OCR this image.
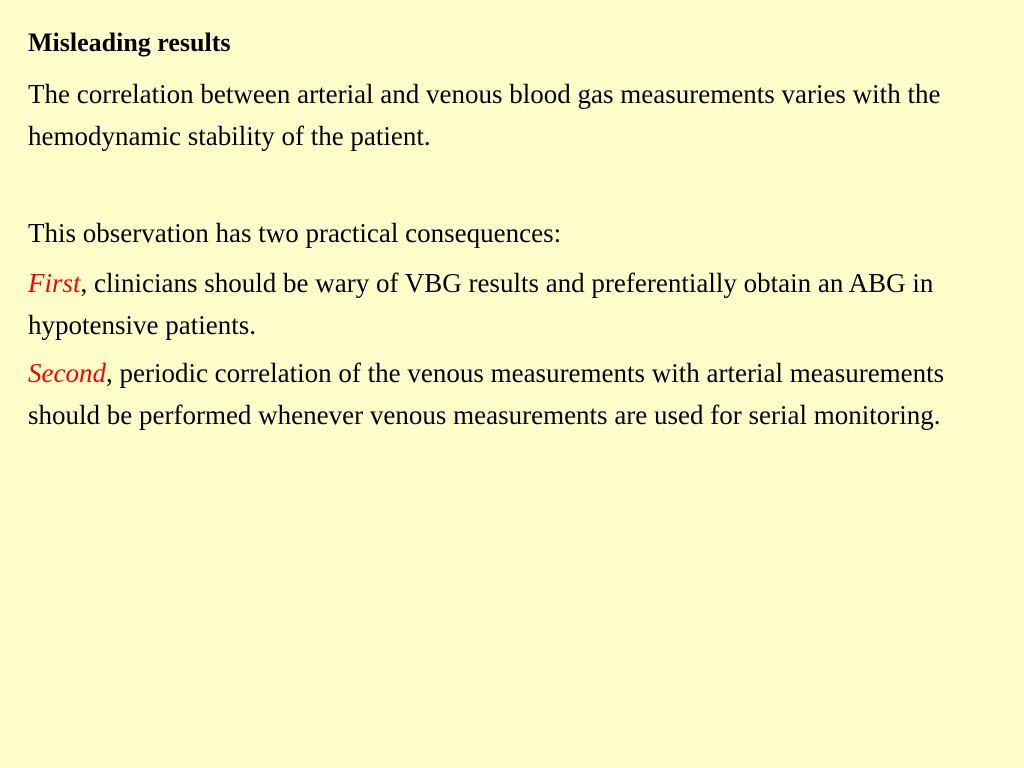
Misleading results

The correlation between arterial and venous blood gas measurements varies with the hemodynamic stability of the patient.

This observation has two practical consequences:

First, clinicians should be wary of VBG results and preferentially obtain an ABG in hypotensive patients.

Second, periodic correlation of the venous measurements with arterial measurements should be performed whenever venous measurements are used for serial monitoring.
